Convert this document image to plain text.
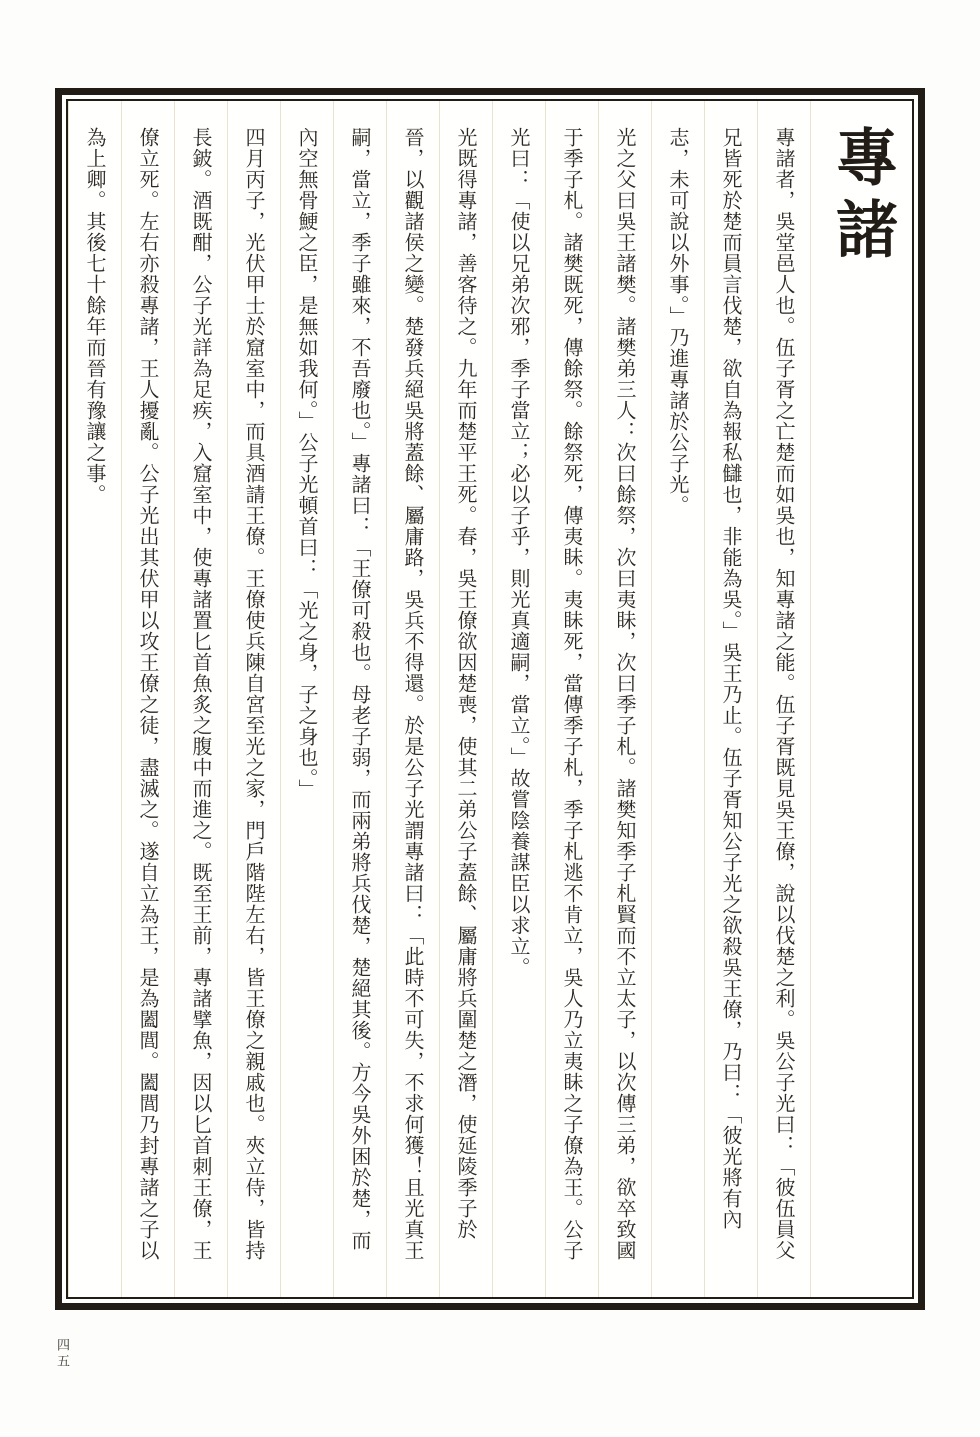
專諸
專諸者，吳堂邑人也。伍子胥之亡楚而如吳也，知專諸之能。伍子胥既見吳王僚，說以伐楚之利。吳公子光曰：「彼伍員父
兄皆死於楚而員言伐楚，欲自為報私讎也，非能為吳。」吳王乃止。伍子胥知公子光之欲殺吳王僚，乃曰：「彼光將有內
志，未可說以外事。」乃進專諸於公子光。
光之父曰吳王諸樊。諸樊弟三人：次曰餘祭，次曰夷眛，次曰季子札。諸樊知季子札賢而不立太子，以次傳三弟，欲卒致國
于季子札。諸樊既死，傳餘祭。餘祭死，傳夷眛。夷眛死，當傳季子札，季子札逃不肯立，吳人乃立夷眛之子僚為王。公子
光曰：「使以兄弟次邪，季子當立；必以子乎，則光真適嗣，當立。」故嘗陰養謀臣以求立。
光既得專諸，善客待之。九年而楚平王死。春，吳王僚欲因楚喪，使其二弟公子蓋餘、屬庸將兵圍楚之潛，使延陵季子於
晉，以觀諸侯之變。楚發兵絕吳將蓋餘、屬庸路，吳兵不得還。於是公子光謂專諸曰：「此時不可失，不求何獲！且光真王
嗣，當立，季子雖來，不吾廢也。」專諸曰：「王僚可殺也。母老子弱，而兩弟將兵伐楚，楚絕其後。方今吳外困於楚，而
內空無骨鯁之臣，是無如我何。」公子光頓首曰：「光之身，子之身也。」
四月丙子，光伏甲士於窟室中，而具酒請王僚。王僚使兵陳自宮至光之家，門戶階陛左右，皆王僚之親戚也。夾立侍，皆持
長鈹。酒既酣，公子光詳為足疾，入窟室中，使專諸置匕首魚炙之腹中而進之。既至王前，專諸擘魚，因以匕首刺王僚，王
僚立死。左右亦殺專諸，王人擾亂。公子光出其伏甲以攻王僚之徒，盡滅之。遂自立為王，是為闔閭。闔閭乃封專諸之子以
為上卿。其後七十餘年而晉有豫讓之事。
四五
